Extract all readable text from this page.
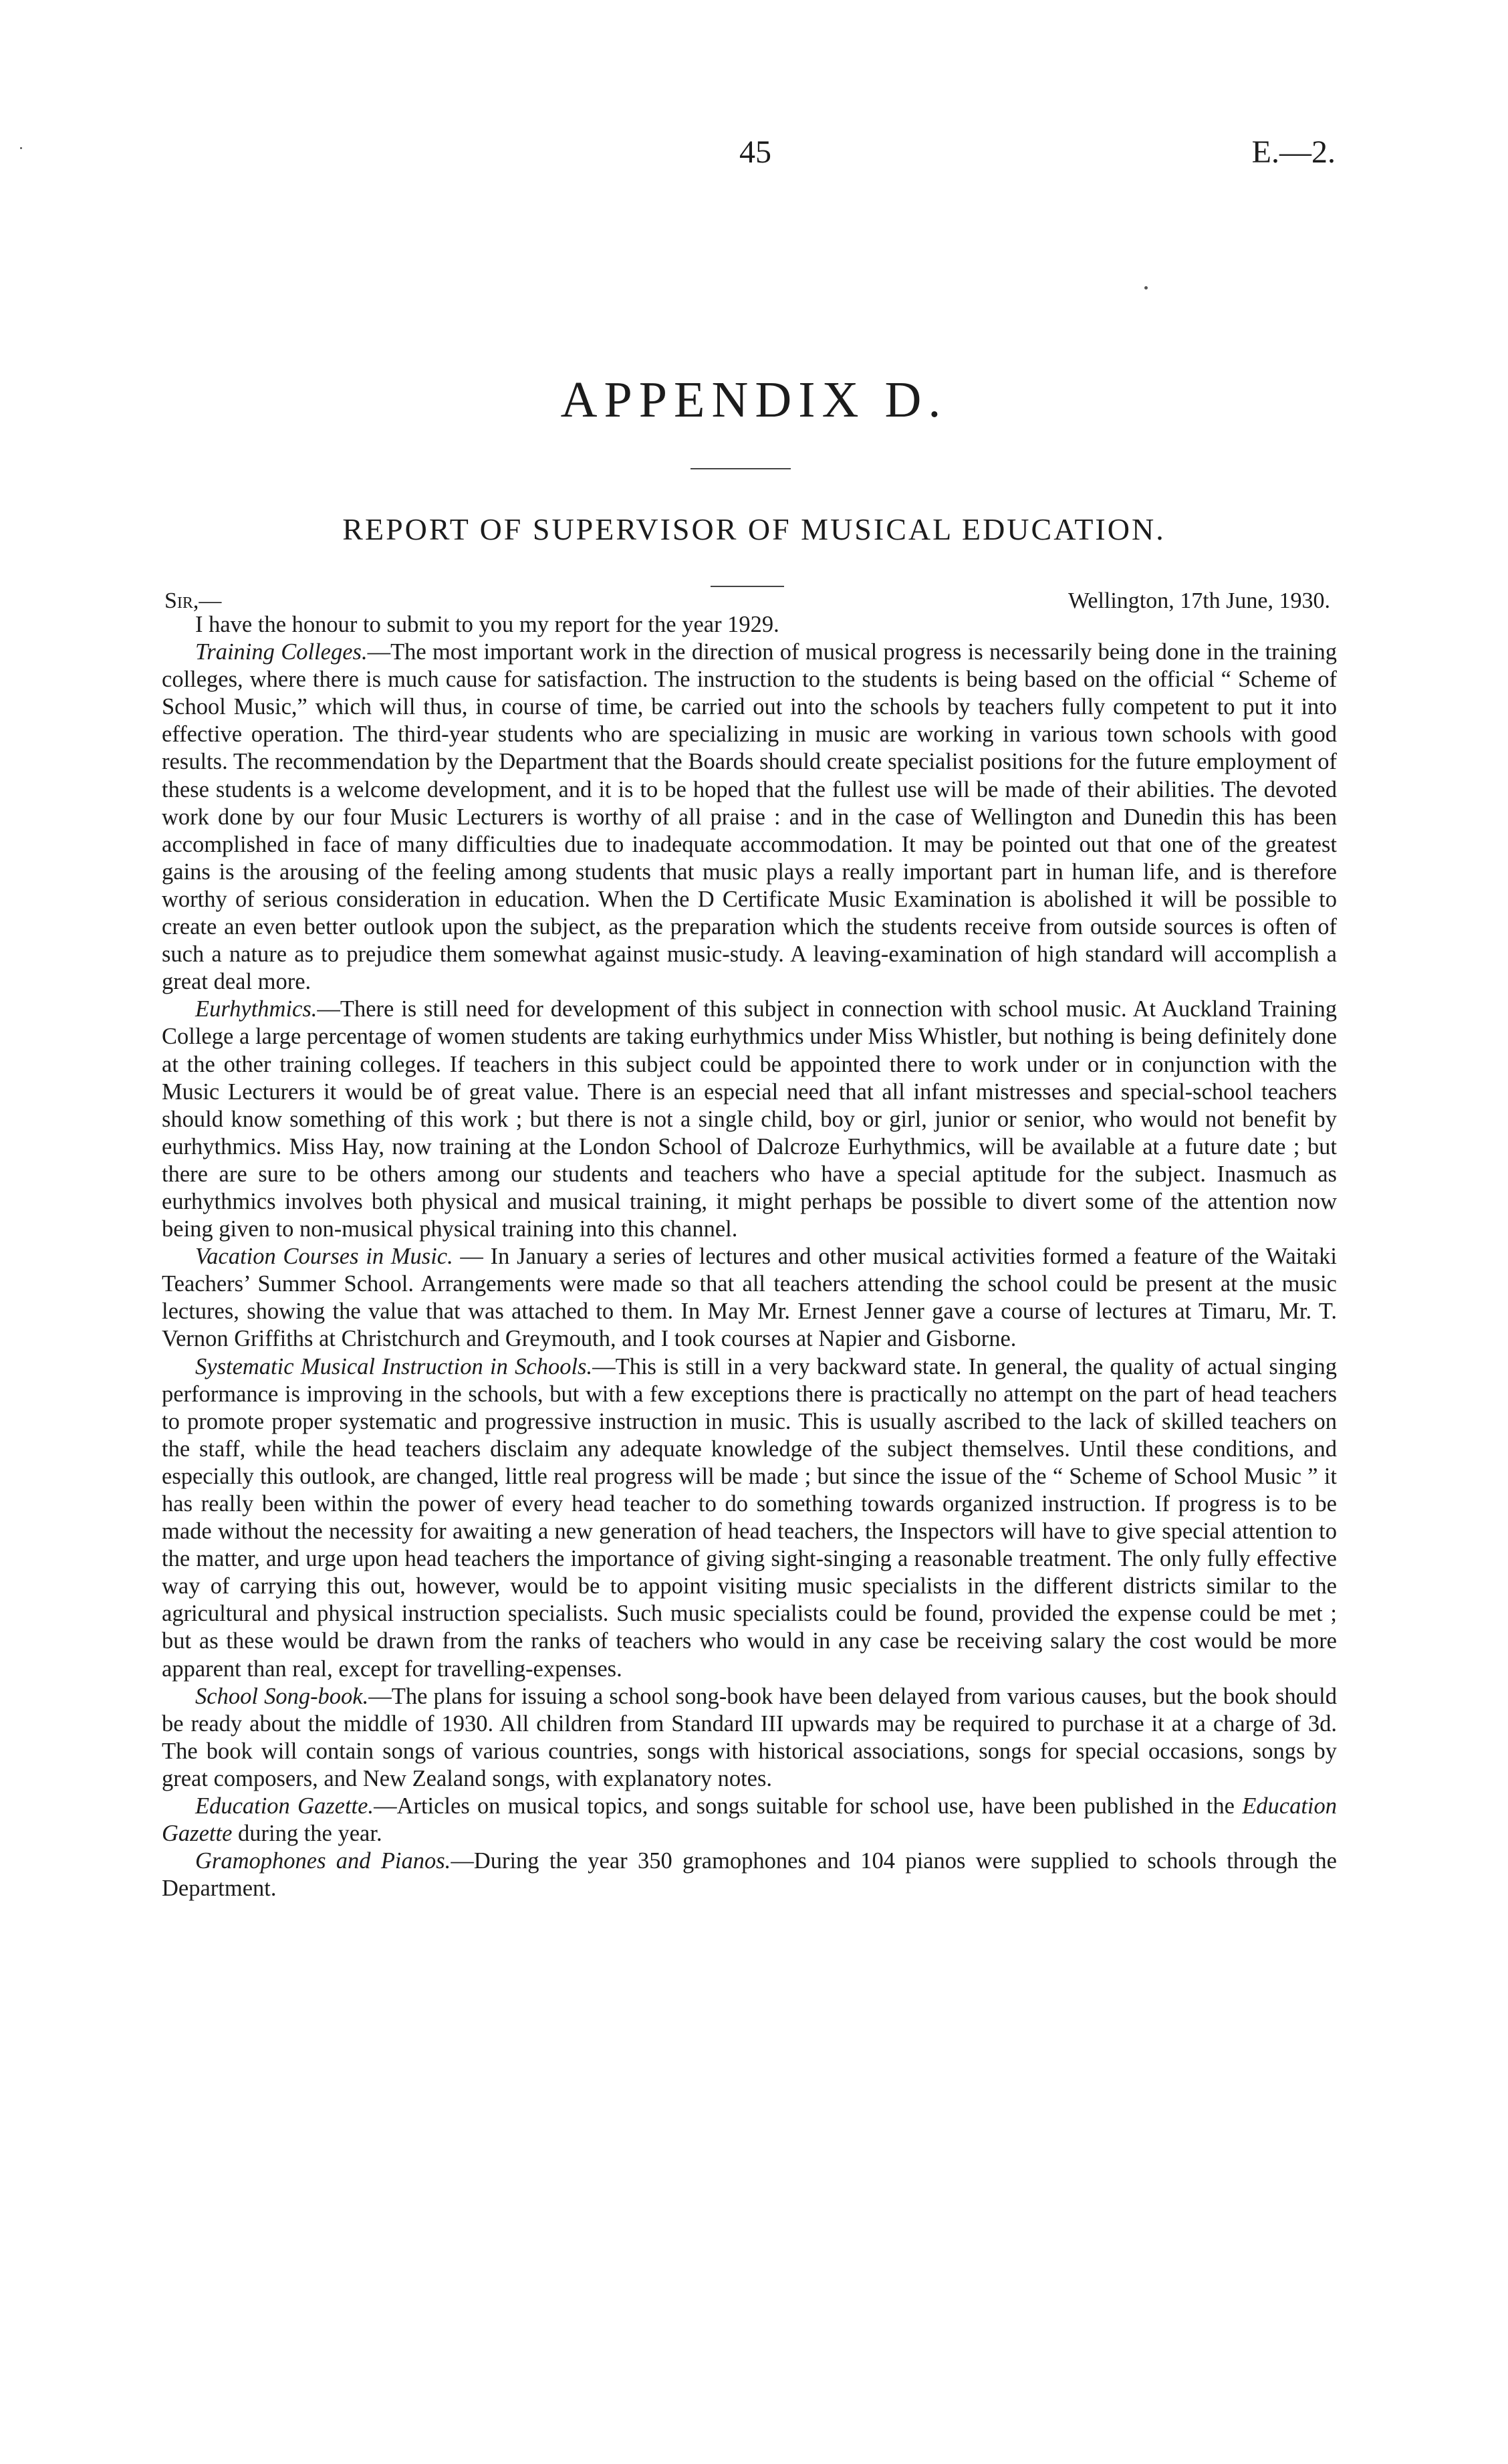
45	E.—2.
APPENDIX D.
REPORT OF SUPERVISOR OF MUSICAL EDUCATION.
Sir,—	Wellington, 17th June, 1930.

I have the honour to submit to you my report for the year 1929.

Training Colleges.—The most important work in the direction of musical progress is necessarily being done in the training colleges, where there is much cause for satisfaction. The instruction to the students is being based on the official “ Scheme of School Music,” which will thus, in course of time, be carried out into the schools by teachers fully competent to put it into effective operation. The third-year students who are specializing in music are working in various town schools with good results. The recommendation by the Department that the Boards should create specialist positions for the future employment of these students is a welcome development, and it is to be hoped that the fullest use will be made of their abilities. The devoted work done by our four Music Lecturers is worthy of all praise : and in the case of Wellington and Dunedin this has been accomplished in face of many difficulties due to inadequate accommodation. It may be pointed out that one of the greatest gains is the arousing of the feeling among students that music plays a really important part in human life, and is therefore worthy of serious consideration in education. When the D Certificate Music Examination is abolished it will be possible to create an even better outlook upon the subject, as the preparation which the students receive from outside sources is often of such a nature as to prejudice them somewhat against music-study. A leaving-examination of high standard will accomplish a great deal more.

Eurhythmics.—There is still need for development of this subject in connection with school music. At Auckland Training College a large percentage of women students are taking eurhythmics under Miss Whistler, but nothing is being definitely done at the other training colleges. If teachers in this subject could be appointed there to work under or in conjunction with the Music Lecturers it would be of great value. There is an especial need that all infant mistresses and special-school teachers should know something of this work ; but there is not a single child, boy or girl, junior or senior, who would not benefit by eurhythmics. Miss Hay, now training at the London School of Dalcroze Eurhythmics, will be available at a future date ; but there are sure to be others among our students and teachers who have a special aptitude for the subject. Inasmuch as eurhythmics involves both physical and musical training, it might perhaps be possible to divert some of the attention now being given to non-musical physical training into this channel.

Vacation Courses in Music. — In January a series of lectures and other musical activities formed a feature of the Waitaki Teachers’ Summer School. Arrangements were made so that all teachers attending the school could be present at the music lectures, showing the value that was attached to them. In May Mr. Ernest Jenner gave a course of lectures at Timaru, Mr. T. Vernon Griffiths at Christchurch and Greymouth, and I took courses at Napier and Gisborne.

Systematic Musical Instruction in Schools.—This is still in a very backward state. In general, the quality of actual singing performance is improving in the schools, but with a few exceptions there is practically no attempt on the part of head teachers to promote proper systematic and progressive instruction in music. This is usually ascribed to the lack of skilled teachers on the staff, while the head teachers disclaim any adequate knowledge of the subject themselves. Until these conditions, and especially this outlook, are changed, little real progress will be made ; but since the issue of the “ Scheme of School Music ” it has really been within the power of every head teacher to do something towards organized instruction. If progress is to be made without the necessity for awaiting a new generation of head teachers, the Inspectors will have to give special attention to the matter, and urge upon head teachers the importance of giving sight-singing a reasonable treatment. The only fully effective way of carrying this out, however, would be to appoint visiting music specialists in the different districts similar to the agricultural and physical instruction specialists. Such music specialists could be found, provided the expense could be met ; but as these would be drawn from the ranks of teachers who would in any case be receiving salary the cost would be more apparent than real, except for travelling-expenses.

School Song-book.—The plans for issuing a school song-book have been delayed from various causes, but the book should be ready about the middle of 1930. All children from Standard III upwards may be required to purchase it at a charge of 3d. The book will contain songs of various countries, songs with historical associations, songs for special occasions, songs by great composers, and New Zealand songs, with explanatory notes.

Education Gazette.—Articles on musical topics, and songs suitable for school use, have been published in the Education Gazette during the year.

Gramophones and Pianos.—During the year 350 gramophones and 104 pianos were supplied to schools through the Department.
